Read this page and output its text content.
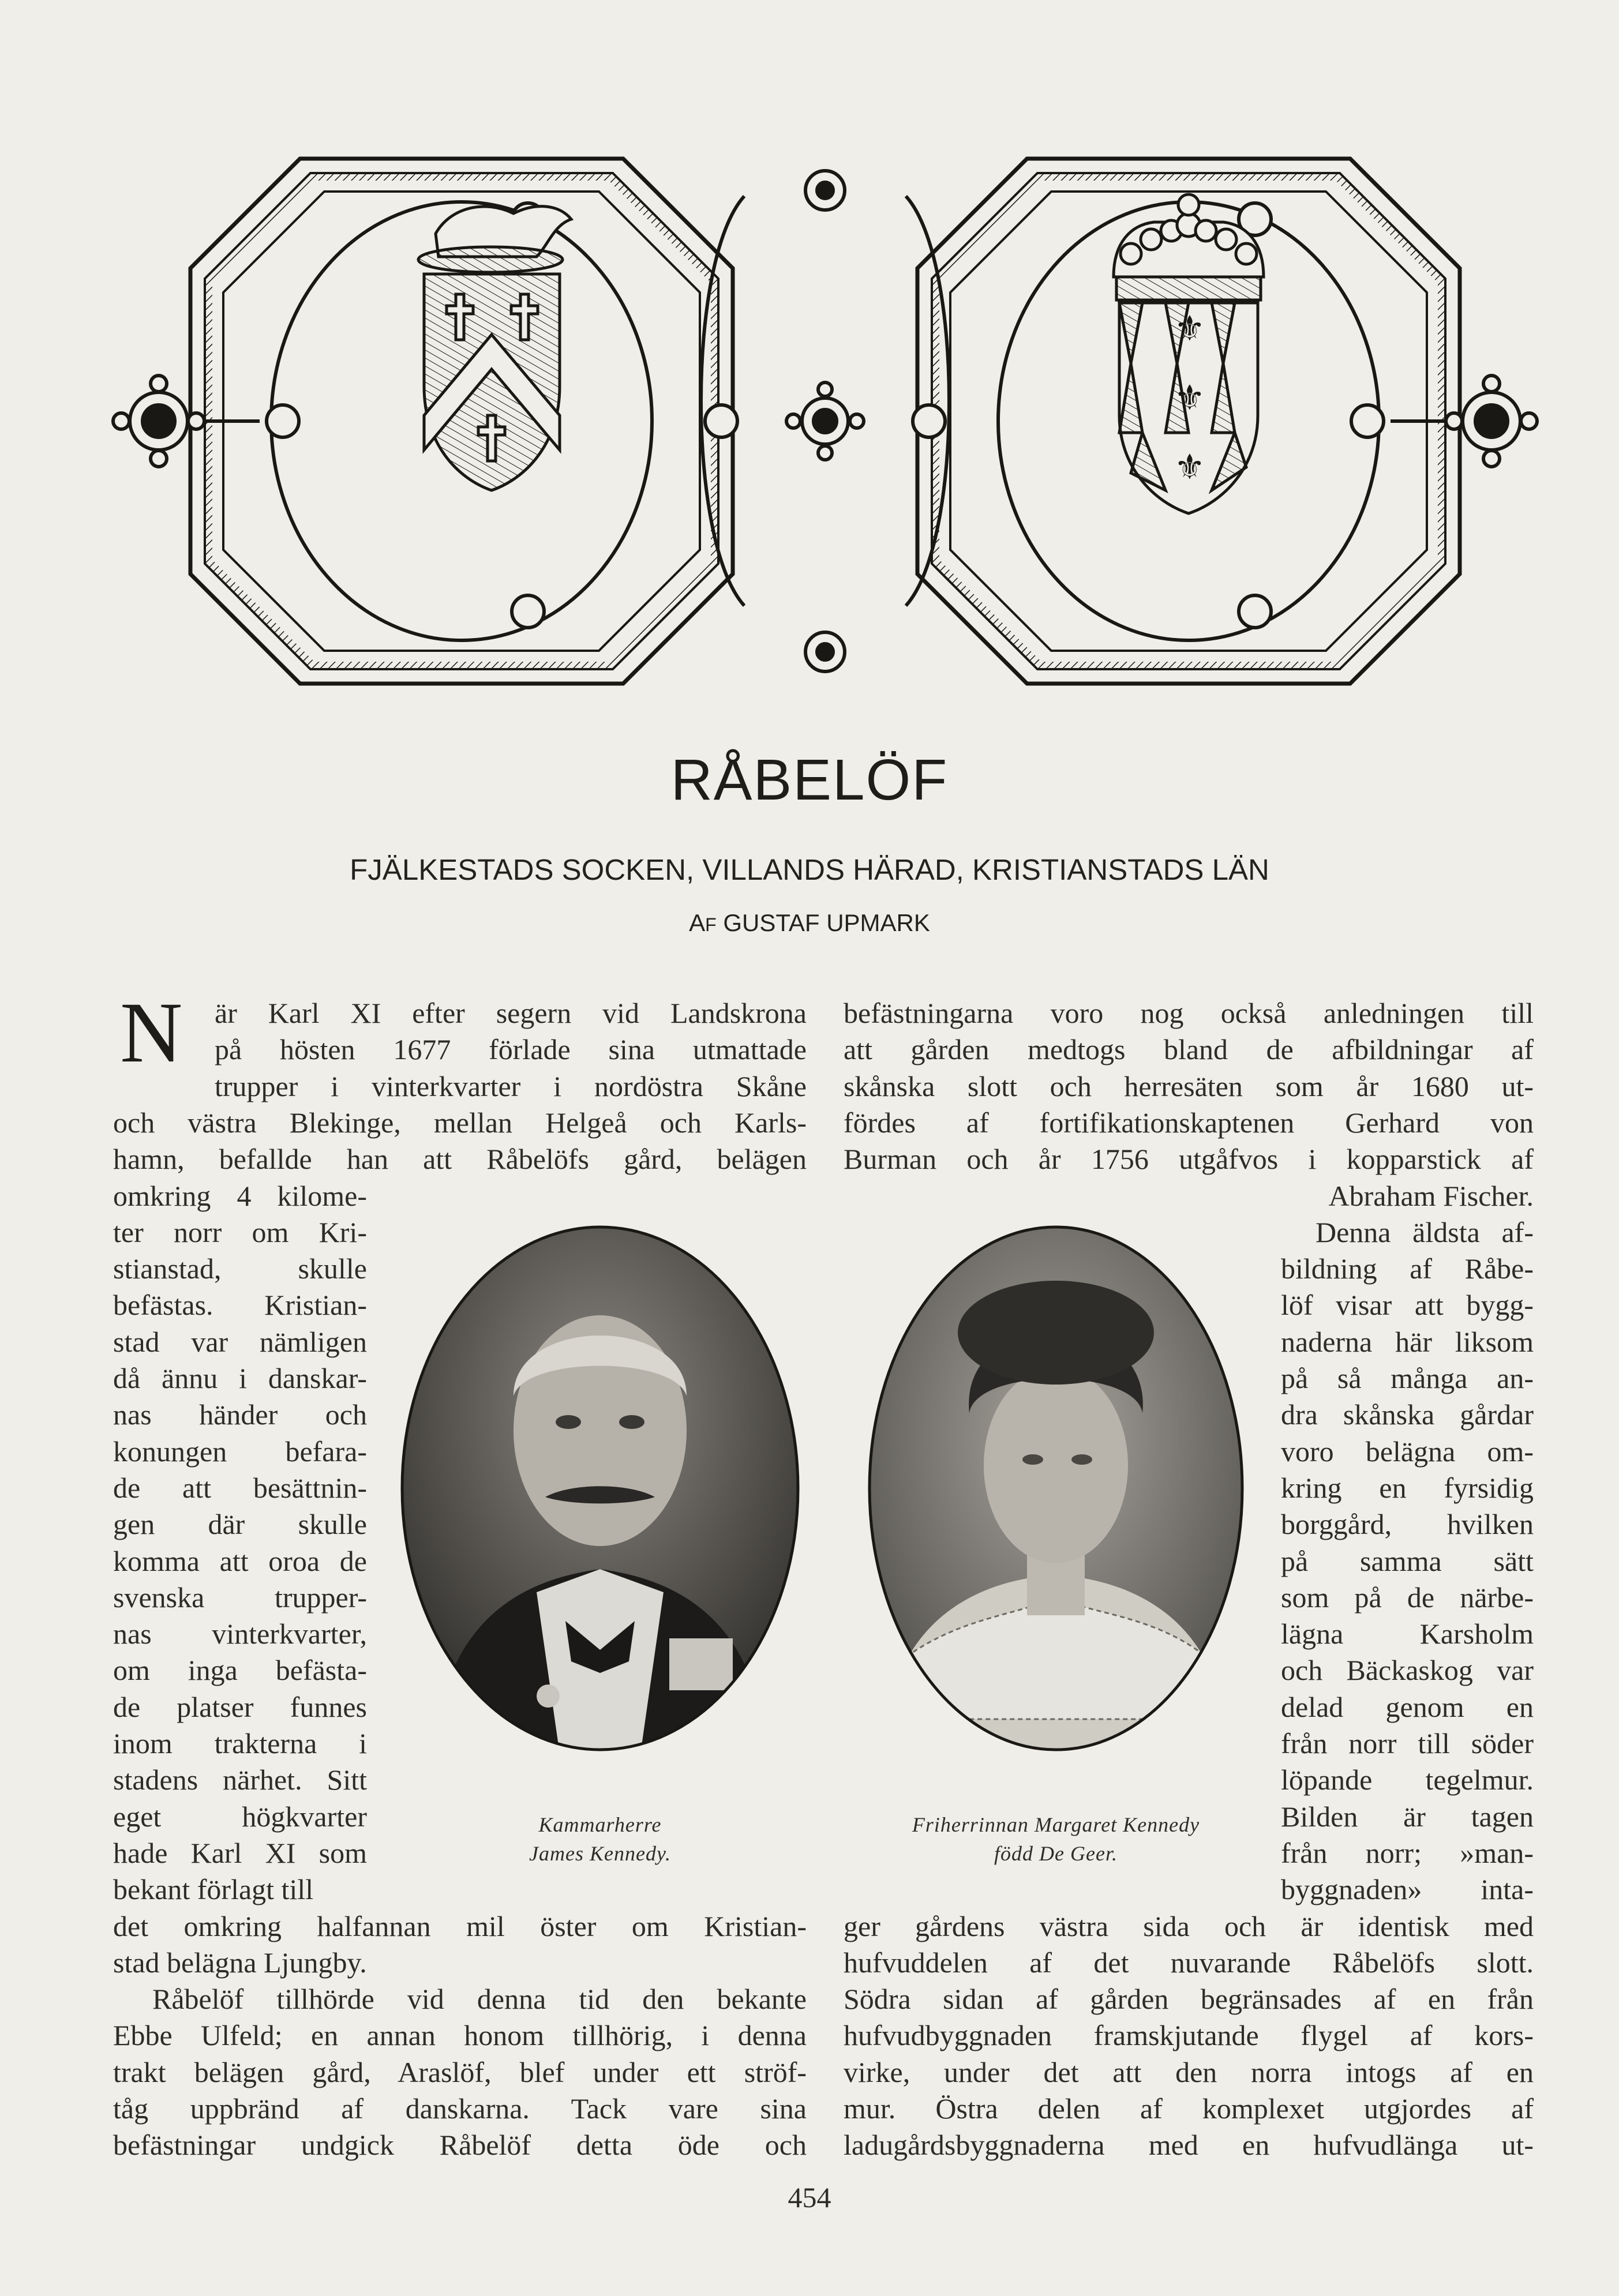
⚜
⚜
⚜
RÅBELÖF
FJÄLKESTADS SOCKEN, VILLANDS HÄRAD, KRISTIANSTADS LÄN
AF GUSTAF UPMARK
N är Karl XI efter segern vid Landskrona
på hösten 1677 förlade sina utmattade
trupper i vinterkvarter i nordöstra Skåne
och västra Blekinge, mellan Helgeå och Karls-
hamn, befallde han att Råbelöfs gård, belägen
omkring 4 kilome-
ter norr om Kri-
stianstad, skulle
befästas. Kristian-
stad var nämligen
då ännu i danskar-
nas händer och
konungen befara-
de att besättnin-
gen där skulle
komma att oroa de
svenska trupper-
nas vinterkvarter,
om inga befästa-
de platser funnes
inom trakterna i
stadens närhet. Sitt
eget högkvarter
hade Karl XI som
bekant förlagt till
det omkring halfannan mil öster om Kristian-
stad belägna Ljungby.
Råbelöf tillhörde vid denna tid den bekante
Ebbe Ulfeld; en annan honom tillhörig, i denna
trakt belägen gård, Araslöf, blef under ett ströf-
tåg uppbränd af danskarna. Tack vare sina
befästningar undgick Råbelöf detta öde och
befästningarna voro nog också anledningen till
att gården medtogs bland de afbildningar af
skånska slott och herresäten som år 1680 ut-
fördes af fortifikationskaptenen Gerhard von
Burman och år 1756 utgåfvos i kopparstick af
Abraham Fischer.
Denna äldsta af-
bildning af Råbe-
löf visar att bygg-
naderna här liksom
på så många an-
dra skånska gårdar
voro belägna om-
kring en fyrsidig
borggård, hvilken
på samma sätt
som på de närbe-
lägna Karsholm
och Bäckaskog var
delad genom en
från norr till söder
löpande tegelmur.
Bilden är tagen
från norr; »man-
byggnaden» inta-
ger gårdens västra sida och är identisk med
hufvuddelen af det nuvarande Råbelöfs slott.
Södra sidan af gården begränsades af en från
hufvudbyggnaden framskjutande flygel af kors-
virke, under det att den norra intogs af en
mur. Östra delen af komplexet utgjordes af
ladugårdsbyggnaderna med en hufvudlänga ut-
Kammarherre
James Kennedy.
Friherrinnan Margaret Kennedy
född De Geer.
454
